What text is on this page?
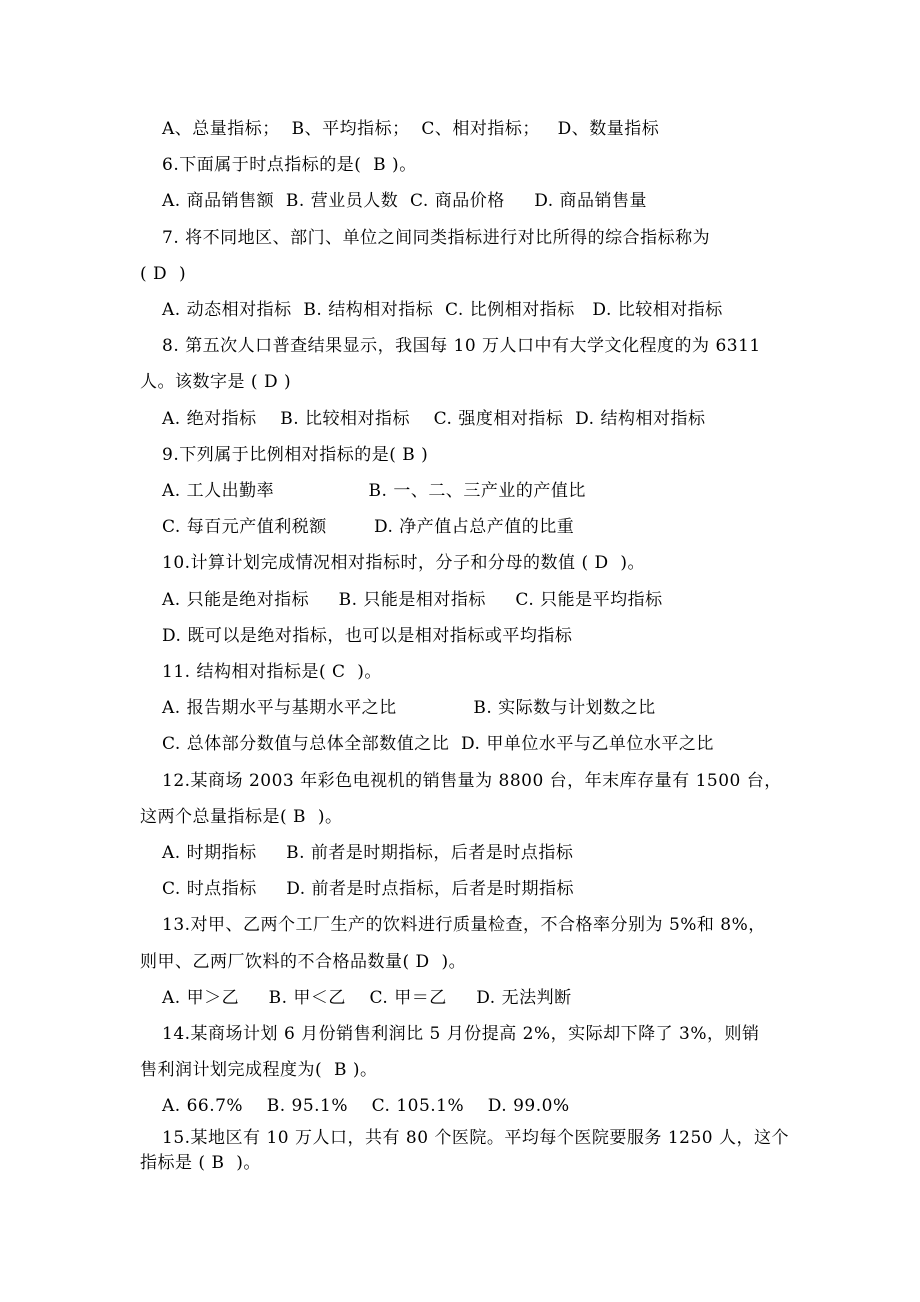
A、总量指标；  B、平均指标；  C、相对指标；   D、数量指标
6.下面属于时点指标的是(  B )。
A. 商品销售额  B. 营业员人数  C. 商品价格     D. 商品销售量
7. 将不同地区、部门、单位之间同类指标进行对比所得的综合指标称为
( D  )
A. 动态相对指标  B. 结构相对指标  C. 比例相对指标   D. 比较相对指标
8. 第五次人口普查结果显示，我国每 10 万人口中有大学文化程度的为 6311
人。该数字是 ( D )
A. 绝对指标    B. 比较相对指标    C. 强度相对指标  D. 结构相对指标
9.下列属于比例相对指标的是( B )
A. 工人出勤率                B. 一、二、三产业的产值比
C. 每百元产值利税额        D. 净产值占总产值的比重
10.计算计划完成情况相对指标时，分子和分母的数值 ( D  )。
A. 只能是绝对指标     B. 只能是相对指标     C. 只能是平均指标
D. 既可以是绝对指标，也可以是相对指标或平均指标
11. 结构相对指标是( C  )。
A. 报告期水平与基期水平之比             B. 实际数与计划数之比
C. 总体部分数值与总体全部数值之比  D. 甲单位水平与乙单位水平之比
12.某商场 2003 年彩色电视机的销售量为 8800 台，年末库存量有 1500 台，
这两个总量指标是( B  )。
A. 时期指标     B. 前者是时期指标，后者是时点指标
C. 时点指标     D. 前者是时点指标，后者是时期指标
13.对甲、乙两个工厂生产的饮料进行质量检查，不合格率分别为 5%和 8%，
则甲、乙两厂饮料的不合格品数量( D  )。
A. 甲＞乙     B. 甲＜乙    C. 甲＝乙     D. 无法判断
14.某商场计划 6 月份销售利润比 5 月份提高 2%，实际却下降了 3%，则销
售利润计划完成程度为(  B )。
A. 66.7%    B. 95.1%    C. 105.1%    D. 99.0%
15.某地区有 10 万人口，共有 80 个医院。平均每个医院要服务 1250 人，这个
指标是 ( B  )。
